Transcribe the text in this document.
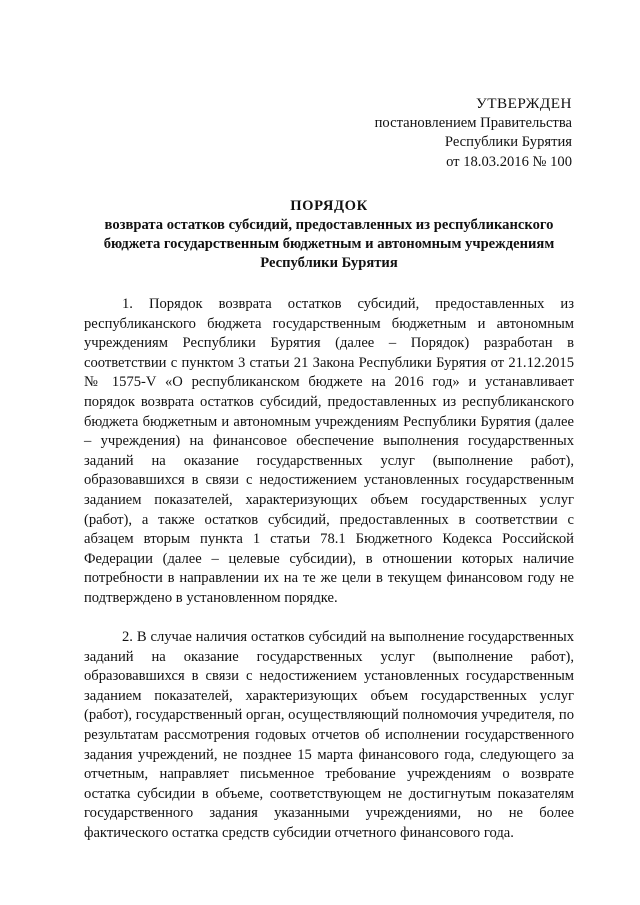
УТВЕРЖДЕН
постановлением Правительства
Республики Бурятия
от 18.03.2016 № 100
ПОРЯДОК
возврата остатков субсидий, предоставленных из республиканского
бюджета государственным бюджетным и автономным учреждениям
Республики Бурятия

1. Порядок возврата остатков субсидий, предоставленных из республиканского бюджета государственным бюджетным и автономным учреждениям Республики Бурятия (далее – Порядок) разработан в соответствии с пунктом 3 статьи 21 Закона Республики Бурятия от 21.12.2015 № 1575-V «О республиканском бюджете на 2016 год» и устанавливает порядок возврата остатков субсидий, предоставленных из республиканского бюджета бюджетным и автономным учреждениям Республики Бурятия (далее – учреждения) на финансовое обеспечение выполнения государственных заданий на оказание государственных услуг (выполнение работ), образовавшихся в связи с недостижением установленных государственным заданием показателей, характеризующих объем государственных услуг (работ), а также остатков субсидий, предоставленных в соответствии с абзацем вторым пункта 1 статьи 78.1 Бюджетного Кодекса Российской Федерации (далее – целевые субсидии), в отношении которых наличие потребности в направлении их на те же цели в текущем финансовом году не подтверждено в установленном порядке.

2. В случае наличия остатков субсидий на выполнение государственных заданий на оказание государственных услуг (выполнение работ), образовавшихся в связи с недостижением установленных государственным заданием показателей, характеризующих объем государственных услуг (работ), государственный орган, осуществляющий полномочия учредителя, по результатам рассмотрения годовых отчетов об исполнении государственного задания учреждений, не позднее 15 марта финансового года, следующего за отчетным, направляет письменное требование учреждениям о возврате остатка субсидии в объеме, соответствующем не достигнутым показателям государственного задания указанными учреждениями, но не более фактического остатка средств субсидии отчетного финансового года.
